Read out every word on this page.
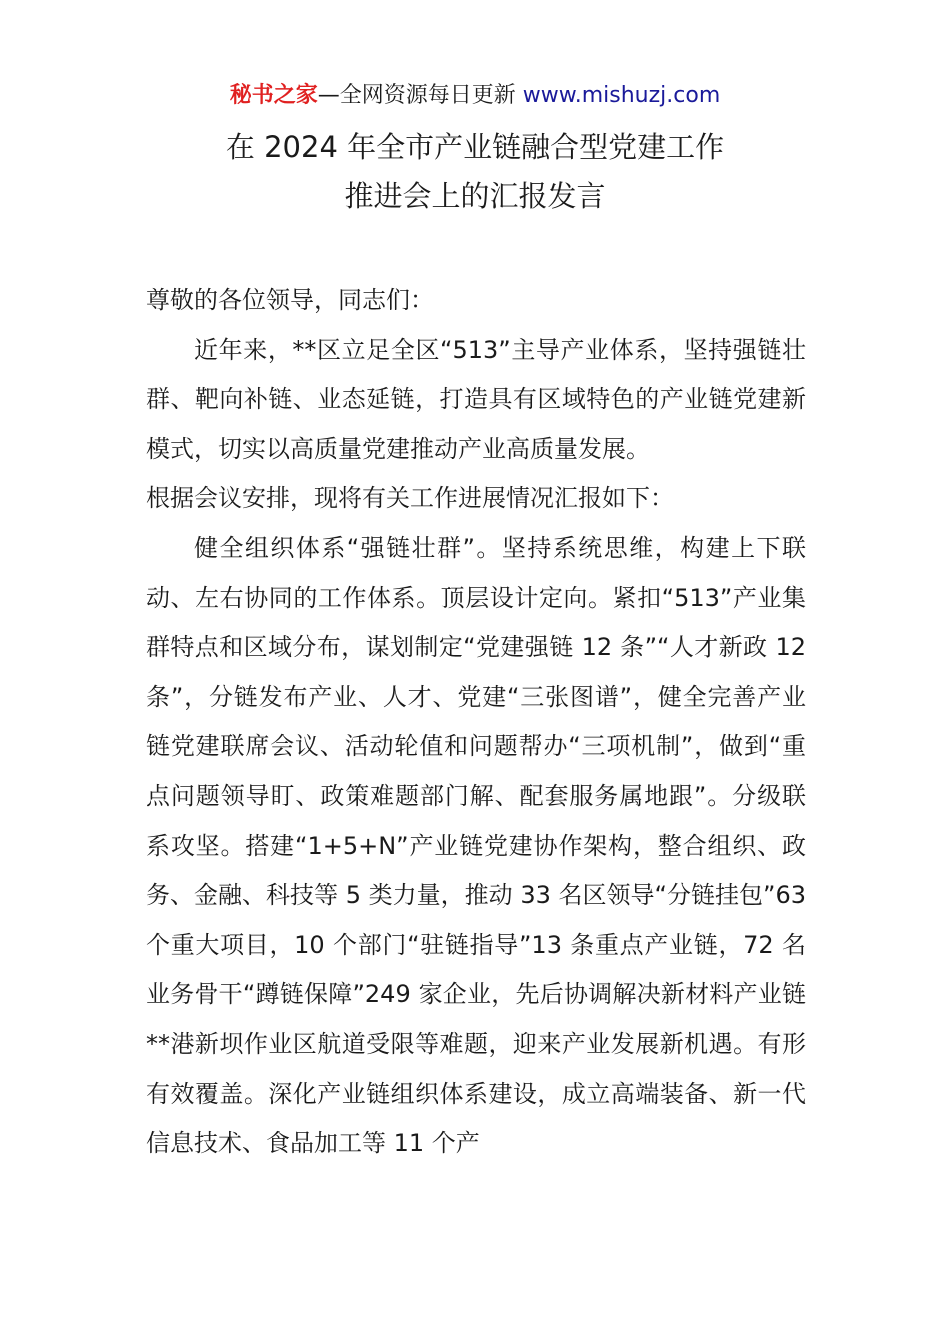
秘书之家—全网资源每日更新 www.mishuzj.com
在 2024 年全市产业链融合型党建工作
推进会上的汇报发言

尊敬的各位领导，同志们：

近年来，**区立足全区“513”主导产业体系，坚持强链壮群、靶向补链、业态延链，打造具有区域特色的产业链党建新模式，切实以高质量党建推动产业高质量发展。

根据会议安排，现将有关工作进展情况汇报如下：

健全组织体系“强链壮群”。坚持系统思维，构建上下联动、左右协同的工作体系。顶层设计定向。紧扣“513”产业集群特点和区域分布，谋划制定“党建强链 12 条”“人才新政 12 条”，分链发布产业、人才、党建“三张图谱”，健全完善产业链党建联席会议、活动轮值和问题帮办“三项机制”，做到“重点问题领导盯、政策难题部门解、配套服务属地跟”。分级联系攻坚。搭建“1+5+N”产业链党建协作架构，整合组织、政务、金融、科技等 5 类力量，推动 33 名区领导“分链挂包”63 个重大项目，10 个部门“驻链指导”13 条重点产业链，72 名业务骨干“蹲链保障”249 家企业，先后协调解决新材料产业链**港新坝作业区航道受限等难题，迎来产业发展新机遇。有形有效覆盖。深化产业链组织体系建设，成立高端装备、新一代信息技术、食品加工等 11 个产
